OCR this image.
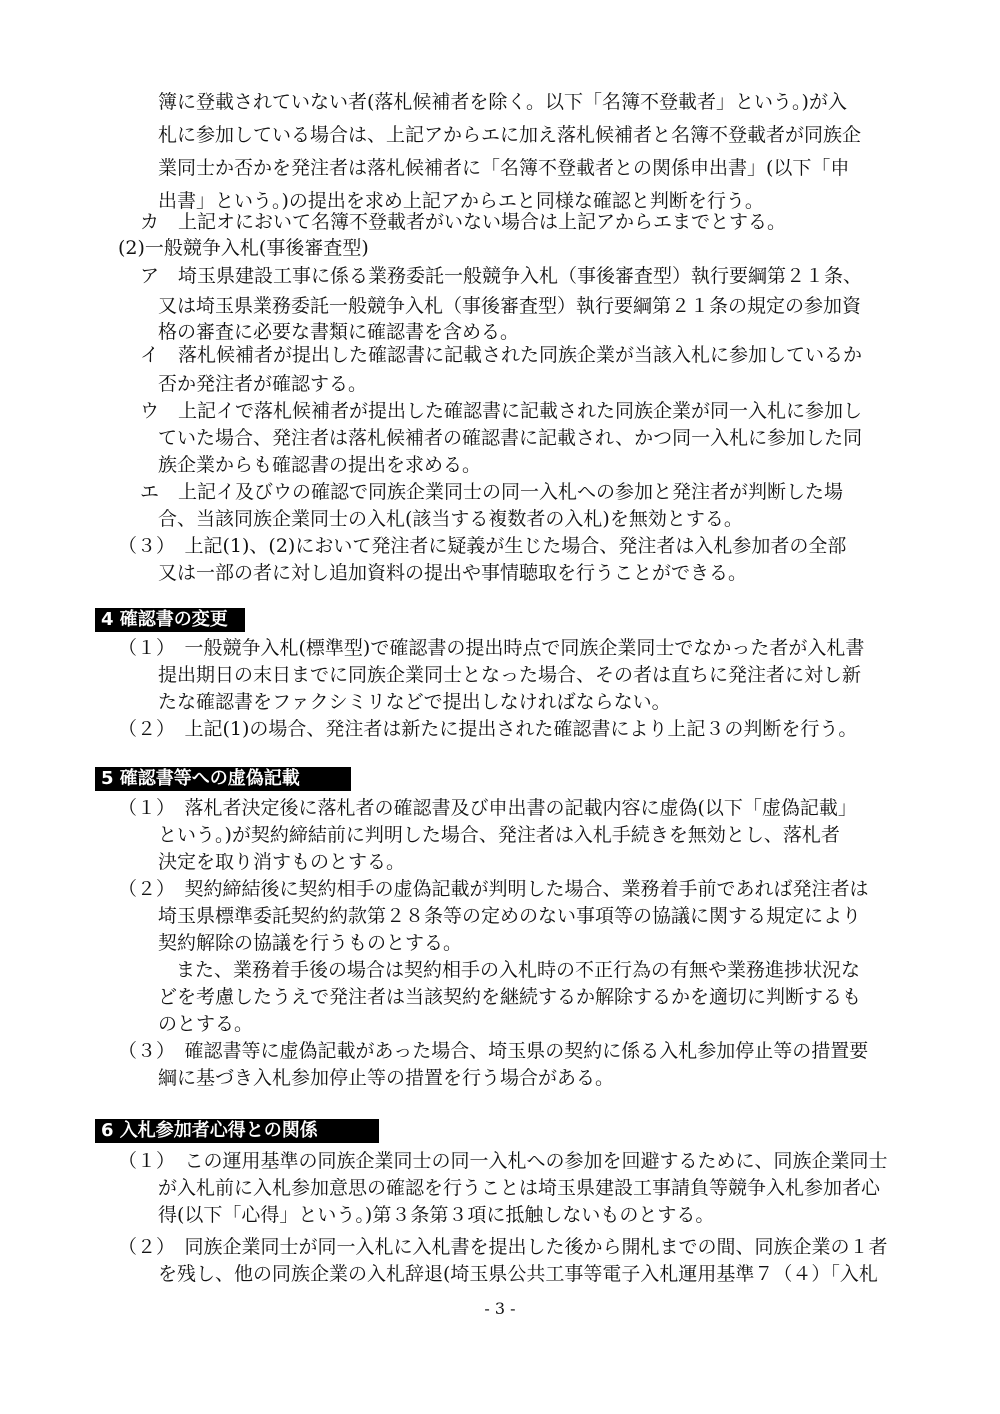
簿に登載されていない者(落札候補者を除く。以下「名簿不登載者」という。)が入
札に参加している場合は、上記アからエに加え落札候補者と名簿不登載者が同族企
業同士か否かを発注者は落札候補者に「名簿不登載者との関係申出書」(以下「申
出書」という。)の提出を求め上記アからエと同様な確認と判断を行う。
カ　上記オにおいて名簿不登載者がいない場合は上記アからエまでとする。
(2)一般競争入札(事後審査型)
ア　埼玉県建設工事に係る業務委託一般競争入札（事後審査型）執行要綱第２１条、
又は埼玉県業務委託一般競争入札（事後審査型）執行要綱第２１条の規定の参加資
格の審査に必要な書類に確認書を含める。
イ　落札候補者が提出した確認書に記載された同族企業が当該入札に参加しているか
否か発注者が確認する。
ウ　上記イで落札候補者が提出した確認書に記載された同族企業が同一入札に参加し
ていた場合、発注者は落札候補者の確認書に記載され、かつ同一入札に参加した同
族企業からも確認書の提出を求める。
エ　上記イ及びウの確認で同族企業同士の同一入札への参加と発注者が判断した場
合、当該同族企業同士の入札(該当する複数者の入札)を無効とする。
（３）　上記(1)、(2)において発注者に疑義が生じた場合、発注者は入札参加者の全部
又は一部の者に対し追加資料の提出や事情聴取を行うことができる。
4 確認書の変更
（１）　一般競争入札(標準型)で確認書の提出時点で同族企業同士でなかった者が入札書
提出期日の末日までに同族企業同士となった場合、その者は直ちに発注者に対し新
たな確認書をファクシミリなどで提出しなければならない。
（２）　上記(1)の場合、発注者は新たに提出された確認書により上記３の判断を行う。
5 確認書等への虚偽記載
（１）　落札者決定後に落札者の確認書及び申出書の記載内容に虚偽(以下「虚偽記載」
という。)が契約締結前に判明した場合、発注者は入札手続きを無効とし、落札者
決定を取り消すものとする。
（２）　契約締結後に契約相手の虚偽記載が判明した場合、業務着手前であれば発注者は
埼玉県標準委託契約約款第２８条等の定めのない事項等の協議に関する規定により
契約解除の協議を行うものとする。
また、業務着手後の場合は契約相手の入札時の不正行為の有無や業務進捗状況な
どを考慮したうえで発注者は当該契約を継続するか解除するかを適切に判断するも
のとする。
（３）　確認書等に虚偽記載があった場合、埼玉県の契約に係る入札参加停止等の措置要
綱に基づき入札参加停止等の措置を行う場合がある。
6 入札参加者心得との関係
（１）　この運用基準の同族企業同士の同一入札への参加を回避するために、同族企業同士
が入札前に入札参加意思の確認を行うことは埼玉県建設工事請負等競争入札参加者心
得(以下「心得」という。)第３条第３項に抵触しないものとする。
（２）　同族企業同士が同一入札に入札書を提出した後から開札までの間、同族企業の１者
を残し、他の同族企業の入札辞退(埼玉県公共工事等電子入札運用基準７（４）「入札
- 3 -
